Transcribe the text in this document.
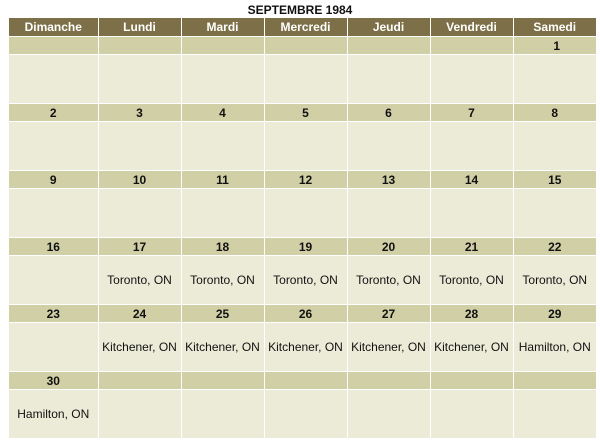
SEPTEMBRE 1984
Dimanche	Lundi	Mardi	Mercredi	Jeudi	Vendredi	Samedi
						1

2	3	4	5	6	7	8

9	10	11	12	13	14	15

16	17	18	19	20	21	22
	Toronto, ON	Toronto, ON	Toronto, ON	Toronto, ON	Toronto, ON	Toronto, ON
23	24	25	26	27	28	29
	Kitchener, ON	Kitchener, ON	Kitchener, ON	Kitchener, ON	Kitchener, ON	Hamilton, ON
30						
Hamilton, ON						
